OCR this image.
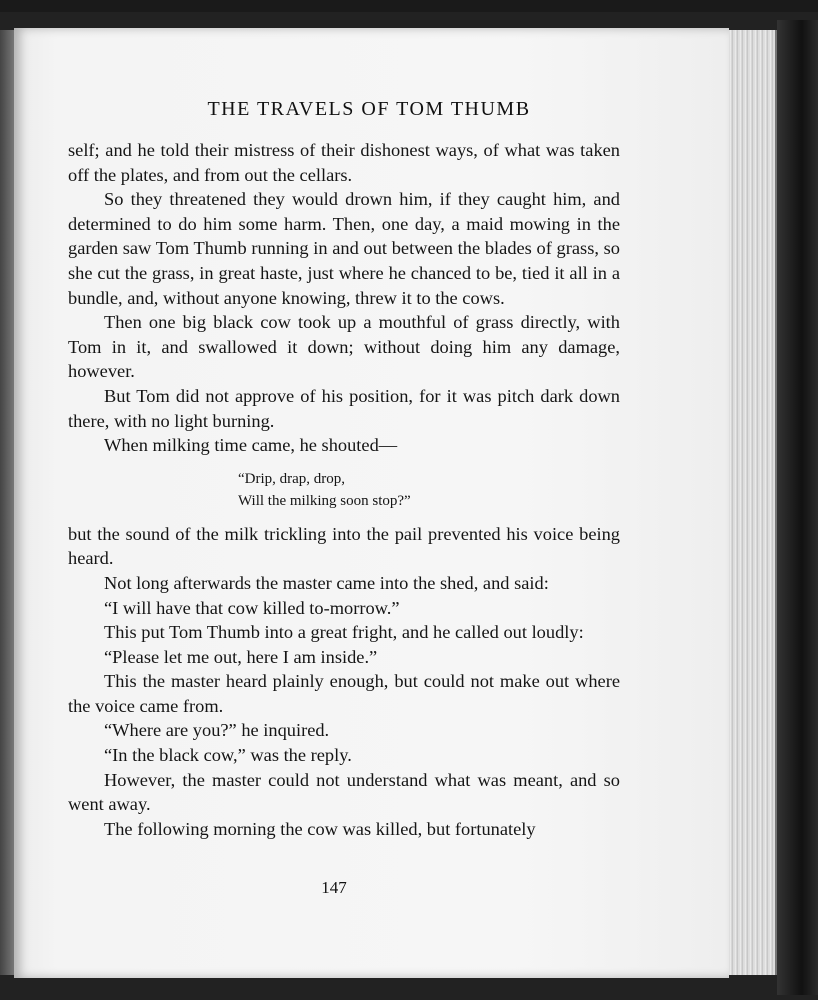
THE TRAVELS OF TOM THUMB

self; and he told their mistress of their dishonest ways, of what was taken off the plates, and from out the cellars.

So they threatened they would drown him, if they caught him, and determined to do him some harm. Then, one day, a maid mowing in the garden saw Tom Thumb running in and out between the blades of grass, so she cut the grass, in great haste, just where he chanced to be, tied it all in a bundle, and, without anyone knowing, threw it to the cows.

Then one big black cow took up a mouthful of grass directly, with Tom in it, and swallowed it down; without doing him any damage, however.

But Tom did not approve of his position, for it was pitch dark down there, with no light burning.

When milking time came, he shouted—

“Drip, drap, drop,
Will the milking soon stop?”

but the sound of the milk trickling into the pail prevented his voice being heard.

Not long afterwards the master came into the shed, and said:

“I will have that cow killed to-morrow.”

This put Tom Thumb into a great fright, and he called out loudly:

“Please let me out, here I am inside.”

This the master heard plainly enough, but could not make out where the voice came from.

“Where are you?” he inquired.

“In the black cow,” was the reply.

However, the master could not understand what was meant, and so went away.

The following morning the cow was killed, but fortunately

147
